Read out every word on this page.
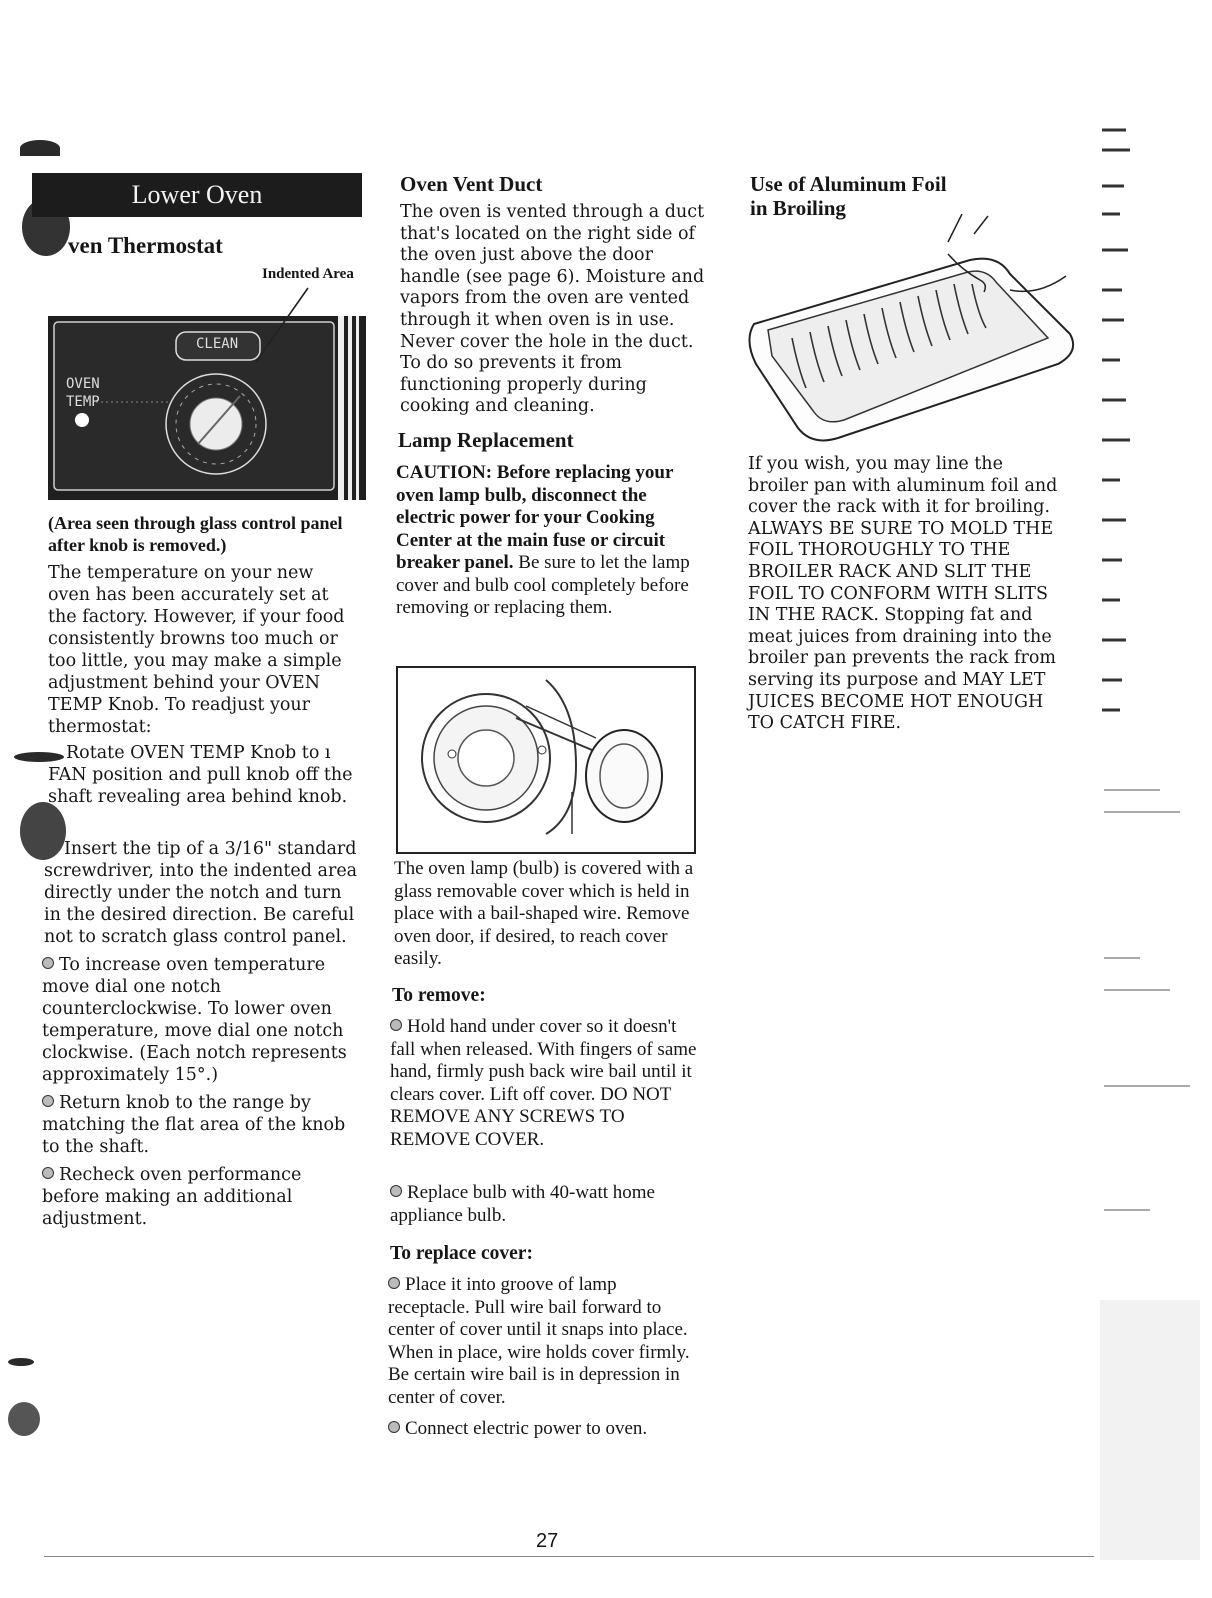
Lower Oven
ven Thermostat
Indented Area
CLEAN
OVEN
TEMP

(Area seen through glass control panel after knob is removed.)

The temperature on your new oven has been accurately set at the factory. However, if your food consistently browns too much or too little, you may make a simple adjustment behind your OVEN TEMP Knob. To readjust your thermostat:

Rotate OVEN TEMP Knob to ı FAN position and pull knob off the shaft revealing area behind knob.

Insert the tip of a 3/16" standard screwdriver, into the indented area directly under the notch and turn in the desired direction. Be careful not to scratch glass control panel.

To increase oven temperature move dial one notch counterclockwise. To lower oven temperature, move dial one notch clockwise. (Each notch represents approximately 15°.)
Return knob to the range by matching the flat area of the knob to the shaft.
Recheck oven performance before making an additional adjustment.
Oven Vent Duct

The oven is vented through a duct that's located on the right side of the oven just above the door handle (see page 6). Moisture and vapors from the oven are vented through it when oven is in use. Never cover the hole in the duct. To do so prevents it from functioning properly during cooking and cleaning.

Lamp Replacement

CAUTION: Before replacing your oven lamp bulb, disconnect the electric power for your Cooking Center at the main fuse or circuit breaker panel. Be sure to let the lamp cover and bulb cool completely before removing or replacing them.

The oven lamp (bulb) is covered with a glass removable cover which is held in place with a bail-shaped wire. Remove oven door, if desired, to reach cover easily.

To remove:
Hold hand under cover so it doesn't fall when released. With fingers of same hand, firmly push back wire bail until it clears cover. Lift off cover. DO NOT REMOVE ANY SCREWS TO REMOVE COVER.
Replace bulb with 40-watt home appliance bulb.
To replace cover:
Place it into groove of lamp receptacle. Pull wire bail forward to center of cover until it snaps into place. When in place, wire holds cover firmly. Be certain wire bail is in depression in center of cover.
Connect electric power to oven.
Use of Aluminum Foil
in Broiling

If you wish, you may line the broiler pan with aluminum foil and cover the rack with it for broiling. ALWAYS BE SURE TO MOLD THE FOIL THOROUGHLY TO THE BROILER RACK AND SLIT THE FOIL TO CONFORM WITH SLITS IN THE RACK. Stopping fat and meat juices from draining into the broiler pan prevents the rack from serving its purpose and MAY LET JUICES BECOME HOT ENOUGH TO CATCH FIRE.

27
